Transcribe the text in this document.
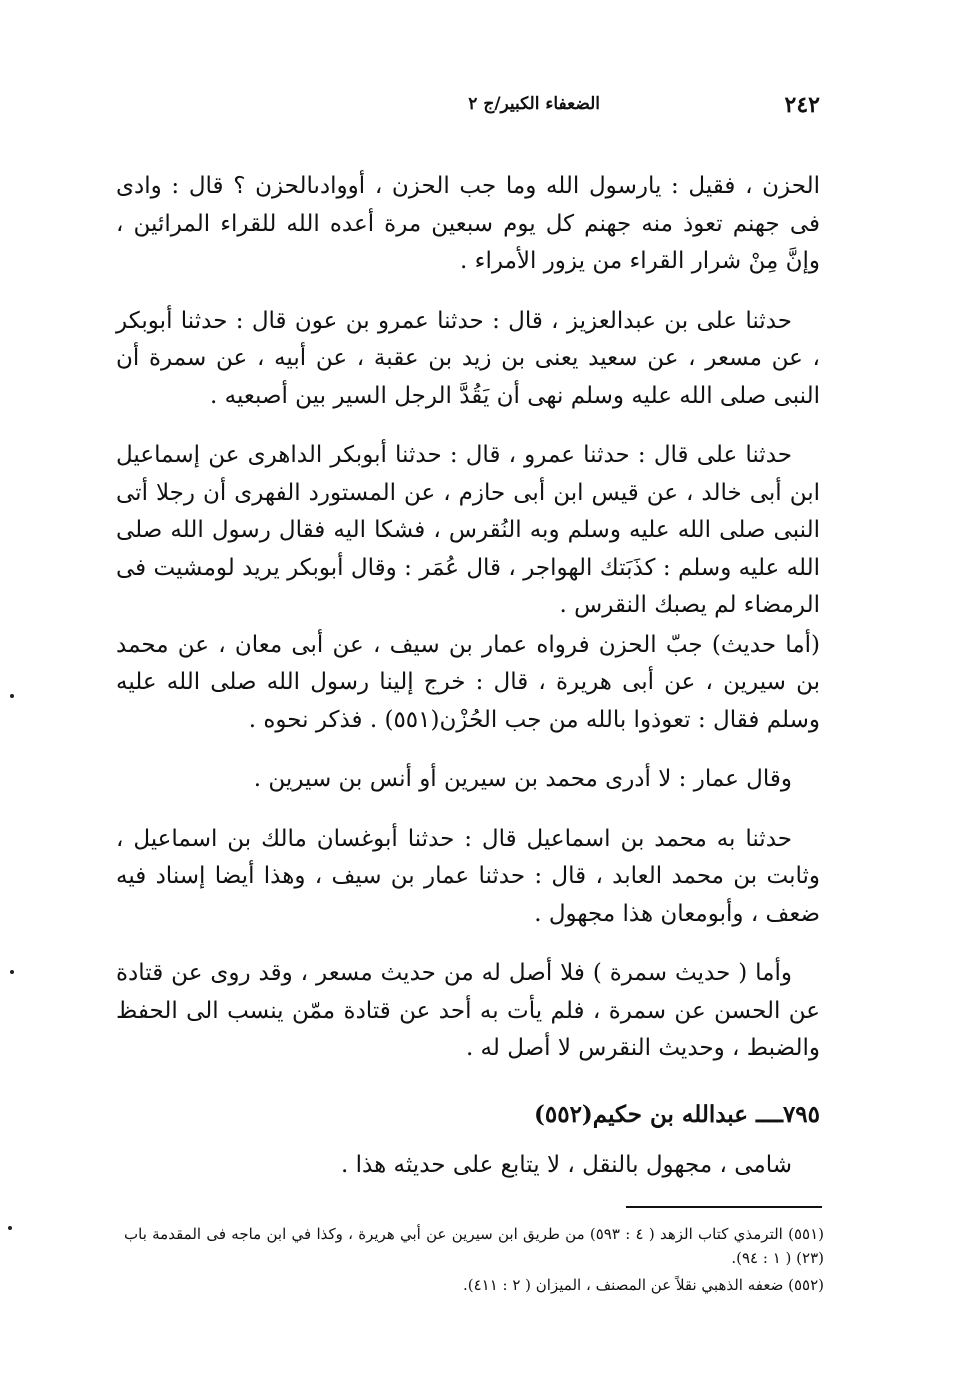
٢٤٢
الضعفاء الكبير/ج ٢

الحزن ، فقيل : يارسول الله وما جب الحزن ، أووادىالحزن ؟ قال : وادى فى جهنم تعوذ منه جهنم كل يوم سبعين مرة أعده الله للقراء المرائين ، وإنَّ مِنْ شرار القراء من يزور الأمراء .

حدثنا على بن عبدالعزيز ، قال : حدثنا عمرو بن عون قال : حدثنا أبوبكر ، عن مسعر ، عن سعيد يعنى بن زيد بن عقبة ، عن أبيه ، عن سمرة أن النبى صلى الله عليه وسلم نهى أن يَقُدَّ الرجل السير بين أصبعيه .

حدثنا على قال : حدثنا عمرو ، قال : حدثنا أبوبكر الداهرى عن إسماعيل ابن أبى خالد ، عن قيس ابن أبى حازم ، عن المستورد الفهرى أن رجلا أتى النبى صلى الله عليه وسلم وبه النُقرس ، فشكا اليه فقال رسول الله صلى الله عليه وسلم : كذَبَتك الهواجر ، قال عُمَر : وقال أبوبكر يريد لومشيت فى الرمضاء لم يصبك النقرس .

(أما حديث) جبّ الحزن فرواه عمار بن سيف ، عن أبى معان ، عن محمد بن سيرين ، عن أبى هريرة ، قال : خرج إلينا رسول الله صلى الله عليه وسلم فقال : تعوذوا بالله من جب الحُزْن(٥٥١) . فذكر نحوه .

وقال عمار : لا أدرى محمد بن سيرين أو أنس بن سيرين .

حدثنا به محمد بن اسماعيل قال : حدثنا أبوغسان مالك بن اسماعيل ، وثابت بن محمد العابد ، قال : حدثنا عمار بن سيف ، وهذا أيضا إسناد فيه ضعف ، وأبومعان هذا مجهول .

وأما ( حديث سمرة ) فلا أصل له من حديث مسعر ، وقد روى عن قتادة عن الحسن عن سمرة ، فلم يأت به أحد عن قتادة ممّن ينسب الى الحفظ والضبط ، وحديث النقرس لا أصل له .

٧٩٥ــــ عبدالله بن حكيم(٥٥٢)

شامى ، مجهول بالنقل ، لا يتابع على حديثه هذا .

(٥٥١) الترمذي كتاب الزهد ( ٤ : ٥٩٣) من طريق ابن سيرين عن أبي هريرة ، وكذا في ابن ماجه فى المقدمة باب (٢٣) ( ١ : ٩٤).

(٥٥٢) ضعفه الذهبي نقلاً عن المصنف ، الميزان ( ٢ : ٤١١).
